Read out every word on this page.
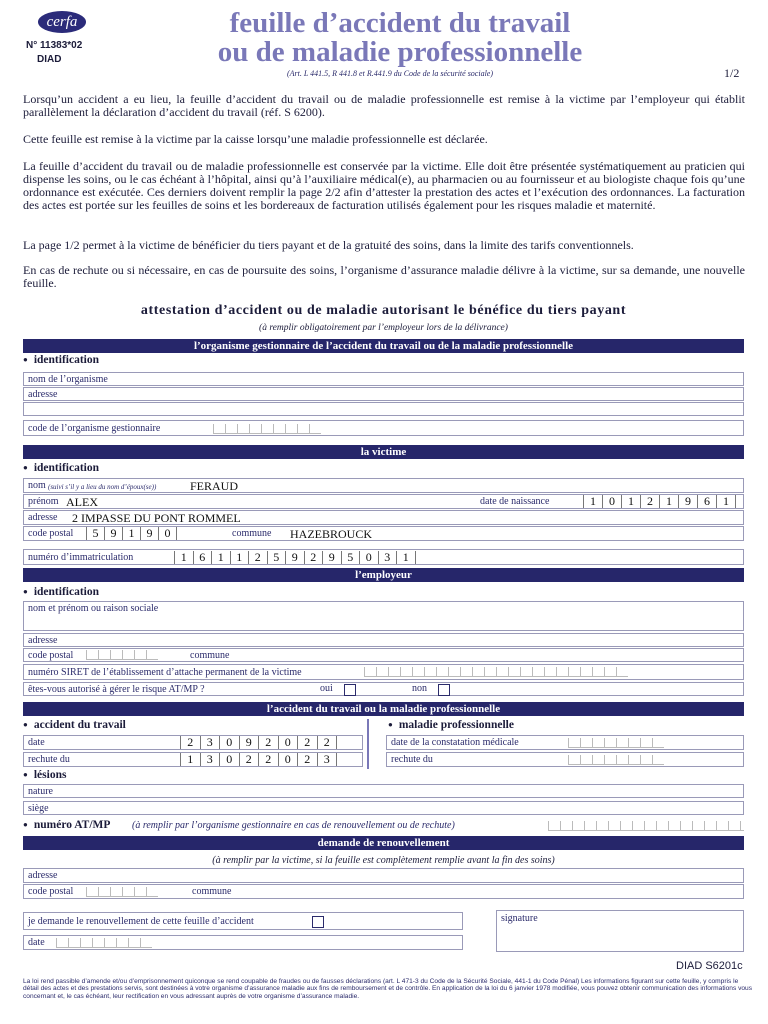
cerfa
N° 11383*02
DIAD
feuille d’accident du travail
ou de maladie professionnelle
(Art. L 441.5, R 441.8 et R.441.9 du Code de la sécurité sociale)	1/2
Lorsqu’un accident a eu lieu, la feuille d’accident du travail ou de maladie professionnelle est remise à la victime par l’employeur qui établit parallèlement la déclaration d’accident du travail (réf. S 6200).
Cette feuille est remise à la victime par la caisse lorsqu’une maladie professionnelle est déclarée.
La feuille d’accident du travail ou de maladie professionnelle est conservée par la victime. Elle doit être présentée systématiquement au praticien qui dispense les soins, ou le cas échéant à l’hôpital, ainsi qu’à l’auxiliaire médical(e), au pharmacien ou au fournisseur et au biologiste chaque fois qu’une ordonnance est exécutée. Ces derniers doivent remplir la page 2/2 afin d’attester la prestation des actes et l’exécution des ordonnances. La facturation des actes est portée sur les feuilles de soins et les bordereaux de facturation utilisés également pour les risques maladie et maternité.
La page 1/2 permet à la victime de bénéficier du tiers payant et de la gratuité des soins, dans la limite des tarifs conventionnels.
En cas de rechute ou si nécessaire, en cas de poursuite des soins, l’organisme d’assurance maladie délivre à la victime, sur sa demande, une nouvelle feuille.
attestation d’accident ou de maladie autorisant le bénéfice du tiers payant
(à remplir obligatoirement par l’employeur lors de la délivrance)
l’organisme gestionnaire de l’accident du travail ou de la maladie professionnelle
● identification
nom de l’organisme
adresse
code de l’organisme gestionnaire
la victime
● identification
nom (suivi s’il y a lieu du nom d’époux(se))	FERAUD
prénom ALEX	date de naissance	1	0	1	2	1	9	6	1
adresse 2 IMPASSE DU PONT ROMMEL
code postal	commune HAZEBROUCK
5	9	1	9	0
numéro d’immatriculation	1	6	1	1	2	5	9	2	9	5	0	3	1
l’employeur
● identification
nom et prénom ou raison sociale
adresse
code postal	commune
numéro SIRET de l’établissement d’attache permanent de la victime
êtes-vous autorisé à gérer le risque AT/MP ?	oui	non
l’accident du travail ou la maladie professionnelle
● accident du travail
●	maladie professionnelle
date	2	3	0	9	2	0	2	2	date de la constatation médicale
rechute du	1	3	0	2	2	0	2	3	rechute du
● lésions
nature
siège
● numéro AT/MP (à remplir par l’organisme gestionnaire en cas de renouvellement ou de rechute)
demande de renouvellement
(à remplir par la victime, si la feuille est complètement remplie avant la fin des soins)
adresse
code postal	commune
je demande le renouvellement de cette feuille d’accident
date
signature
DIAD S6201c
La loi rend passible d’amende et/ou d’emprisonnement quiconque se rend coupable de fraudes ou de fausses déclarations (art. L 471-3 du Code de la Sécurité Sociale, 441-1 du Code Pénal) Les informations figurant sur cette feuille, y compris le détail des actes et des prestations servis, sont destinées à votre organisme d’assurance maladie aux fins de remboursement et de contrôle. En application de la loi du 6 janvier 1978 modifiée, vous pouvez obtenir communication des informations vous concernant et, le cas échéant, leur rectification en vous adressant auprès de votre organisme d’assurance maladie.
